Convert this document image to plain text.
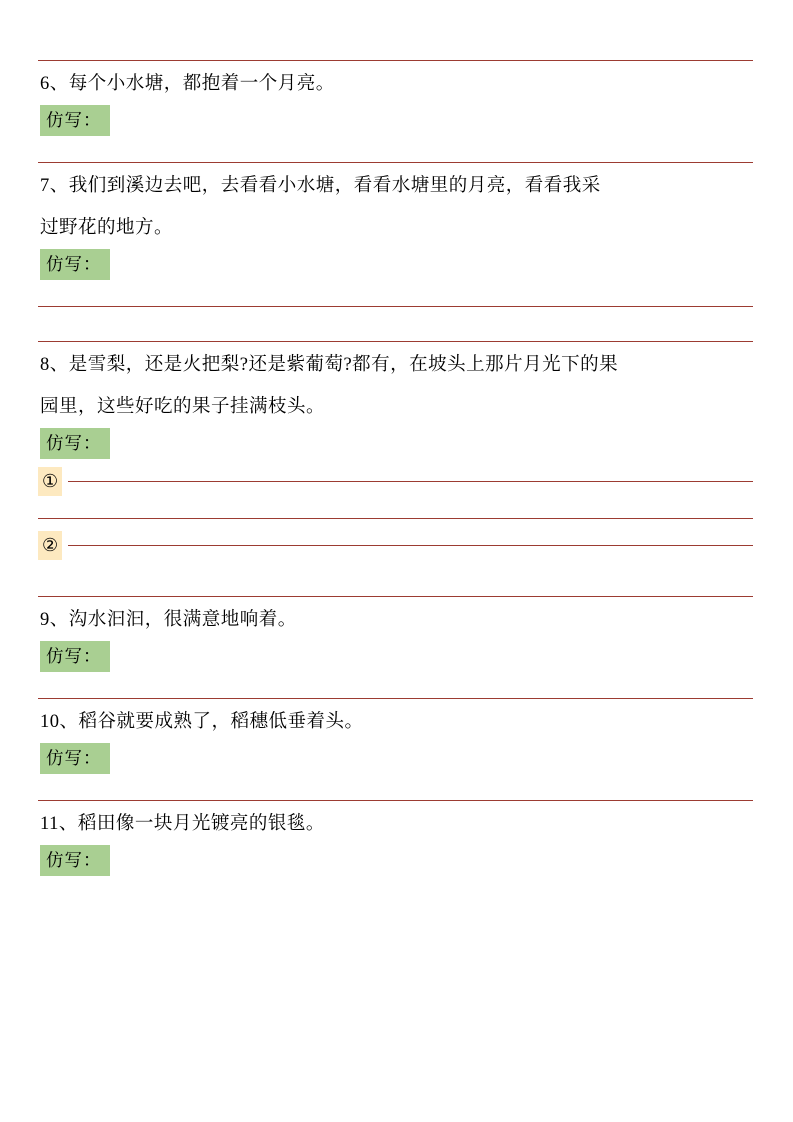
6、每个小水塘，都抱着一个月亮。
仿写：
7、我们到溪边去吧，去看看小水塘，看看水塘里的月亮，看看我采
过野花的地方。
仿写：
8、是雪梨，还是火把梨?还是紫葡萄?都有，在坡头上那片月光下的果
园里，这些好吃的果子挂满枝头。
仿写：
①
②
9、沟水汩汩，很满意地响着。
仿写：
10、稻谷就要成熟了，稻穗低垂着头。
仿写：
11、稻田像一块月光镀亮的银毯。
仿写：
